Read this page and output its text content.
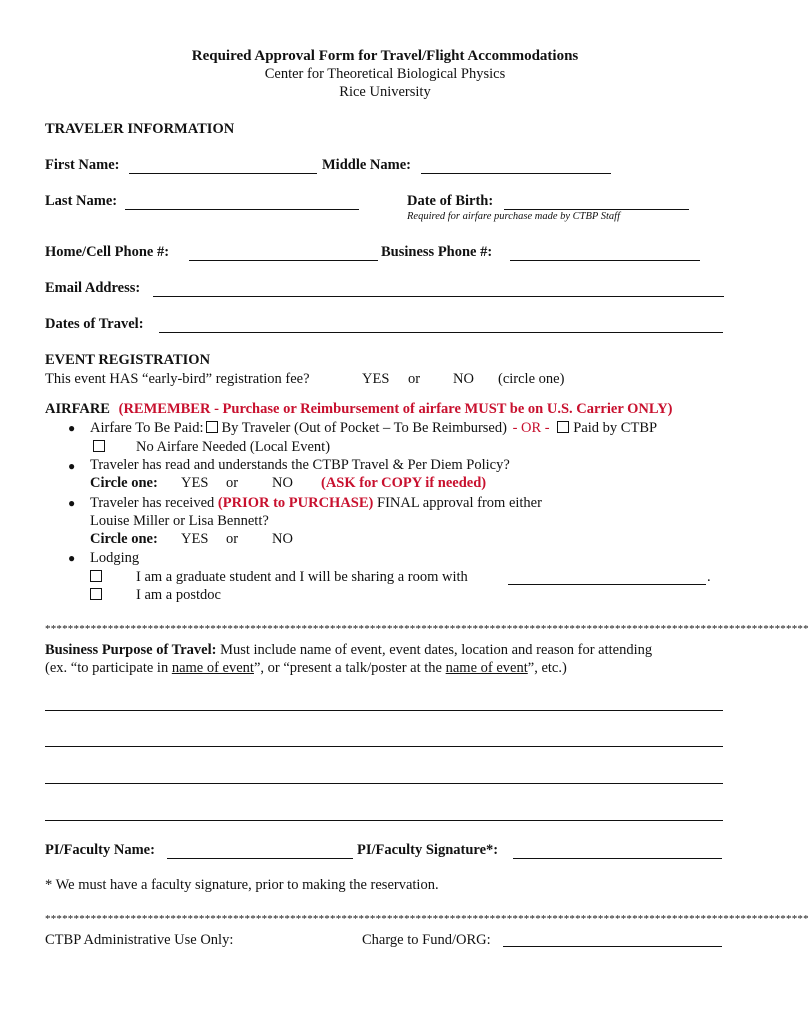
Required Approval Form for Travel/Flight Accommodations
Center for Theoretical Biological Physics
Rice University
TRAVELER INFORMATION
First Name:	Middle Name:
Last Name:	Date of Birth:
Required for airfare purchase made by CTBP Staff
Home/Cell Phone #:	Business Phone #:
Email Address:
Dates of Travel:
EVENT REGISTRATION
This event HAS “early-bird” registration fee?	YES or NO (circle one)
AIRFARE (REMEMBER - Purchase or Reimbursement of airfare MUST be on U.S. Carrier ONLY)
● Airfare To Be Paid: By Traveler (Out of Pocket – To Be Reimbursed) - OR - Paid by CTBP
No Airfare Needed (Local Event)
● Traveler has read and understands the CTBP Travel & Per Diem Policy?
Circle one: YES or NO (ASK for COPY if needed)
● Traveler has received (PRIOR to PURCHASE) FINAL approval from either
Louise Miller or Lisa Bennett?
Circle one: YES or NO
● Lodging
I am a graduate student and I will be sharing a room with	.
I am a postdoc
**************************************************************************************************************************************
Business Purpose of Travel: Must include name of event, event dates, location and reason for attending
(ex. “to participate in name of event”, or “present a talk/poster at the name of event”, etc.)
PI/Faculty Name:	PI/Faculty Signature*:
* We must have a faculty signature, prior to making the reservation.
**************************************************************************************************************************************
CTBP Administrative Use Only:	Charge to Fund/ORG:
